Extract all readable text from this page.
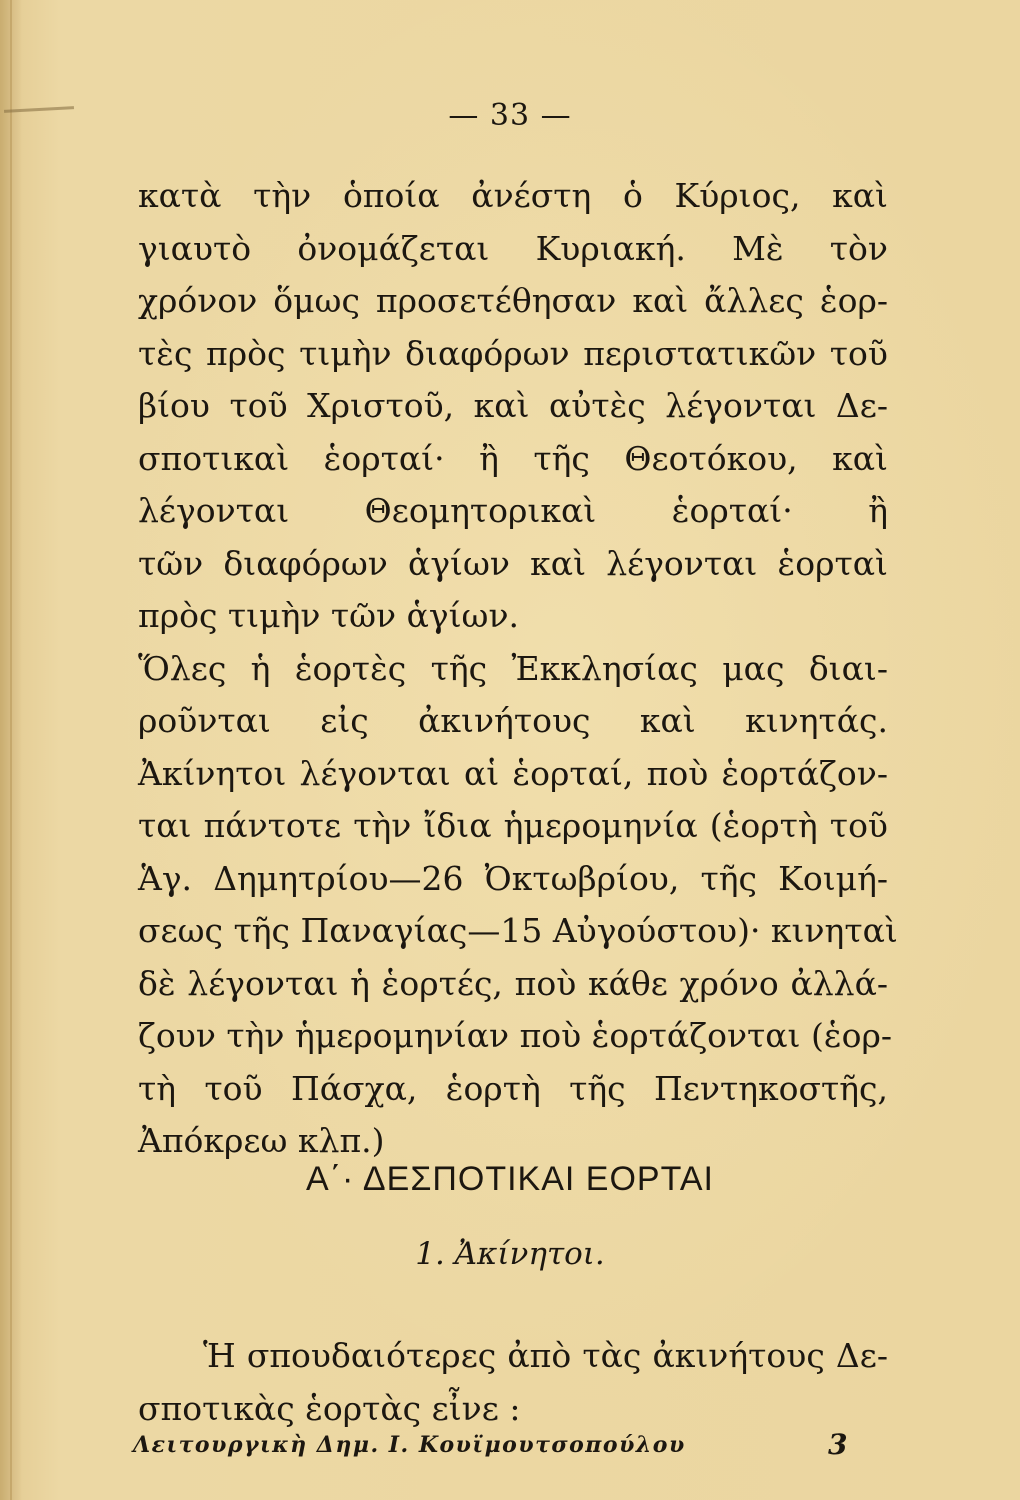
— 33 —
κατὰ τὴν ὁποία ἀνέστη ὁ Κύριος, καὶ
γιαυτὸ ὀνομάζεται Κυριακή. Μὲ τὸν
χρόνον ὅμως προσετέθησαν καὶ ἄλλες ἑορ-
τὲς πρὸς τιμὴν διαφόρων περιστατικῶν τοῦ
βίου τοῦ Χριστοῦ, καὶ αὐτὲς λέγονται Δε-
σποτικαὶ ἑορταί· ἢ τῆς Θεοτόκου, καὶ
λέγονται Θεομητορικαὶ ἑορταί· ἢ
τῶν διαφόρων ἁγίων καὶ λέγονται ἑορταὶ
πρὸς τιμὴν τῶν ἁγίων.
Ὅλες ἡ ἑορτὲς τῆς Ἐκκλησίας μας διαι-
ροῦνται εἰς ἀκινήτους καὶ κινητάς.
Ἀκίνητοι λέγονται αἱ ἑορταί, ποὺ ἑορτάζον-
ται πάντοτε τὴν ἴδια ἡμερομηνία (ἑορτὴ τοῦ
Ἁγ. Δημητρίου—26 Ὀκτωβρίου, τῆς Κοιμή-
σεως τῆς Παναγίας—15 Αὐγούστου)· κινηταὶ
δὲ λέγονται ἡ ἑορτές, ποὺ κάθε χρόνο ἀλλά-
ζουν τὴν ἡμερομηνίαν ποὺ ἑορτάζονται (ἑορ-
τὴ τοῦ Πάσχα, ἑορτὴ τῆς Πεντηκοστῆς,
Ἀπόκρεω κλπ.)
Α΄· ΔΕΣΠΟΤΙΚΑΙ ΕΟΡΤΑΙ
1. Ἀκίνητοι.
Ἡ σπουδαιότερες ἀπὸ τὰς ἀκινήτους Δε-
σποτικὰς ἑορτὰς εἶνε :
Λειτουργικὴ Δημ. Ι. Κουϊμουτσοπούλου	3
